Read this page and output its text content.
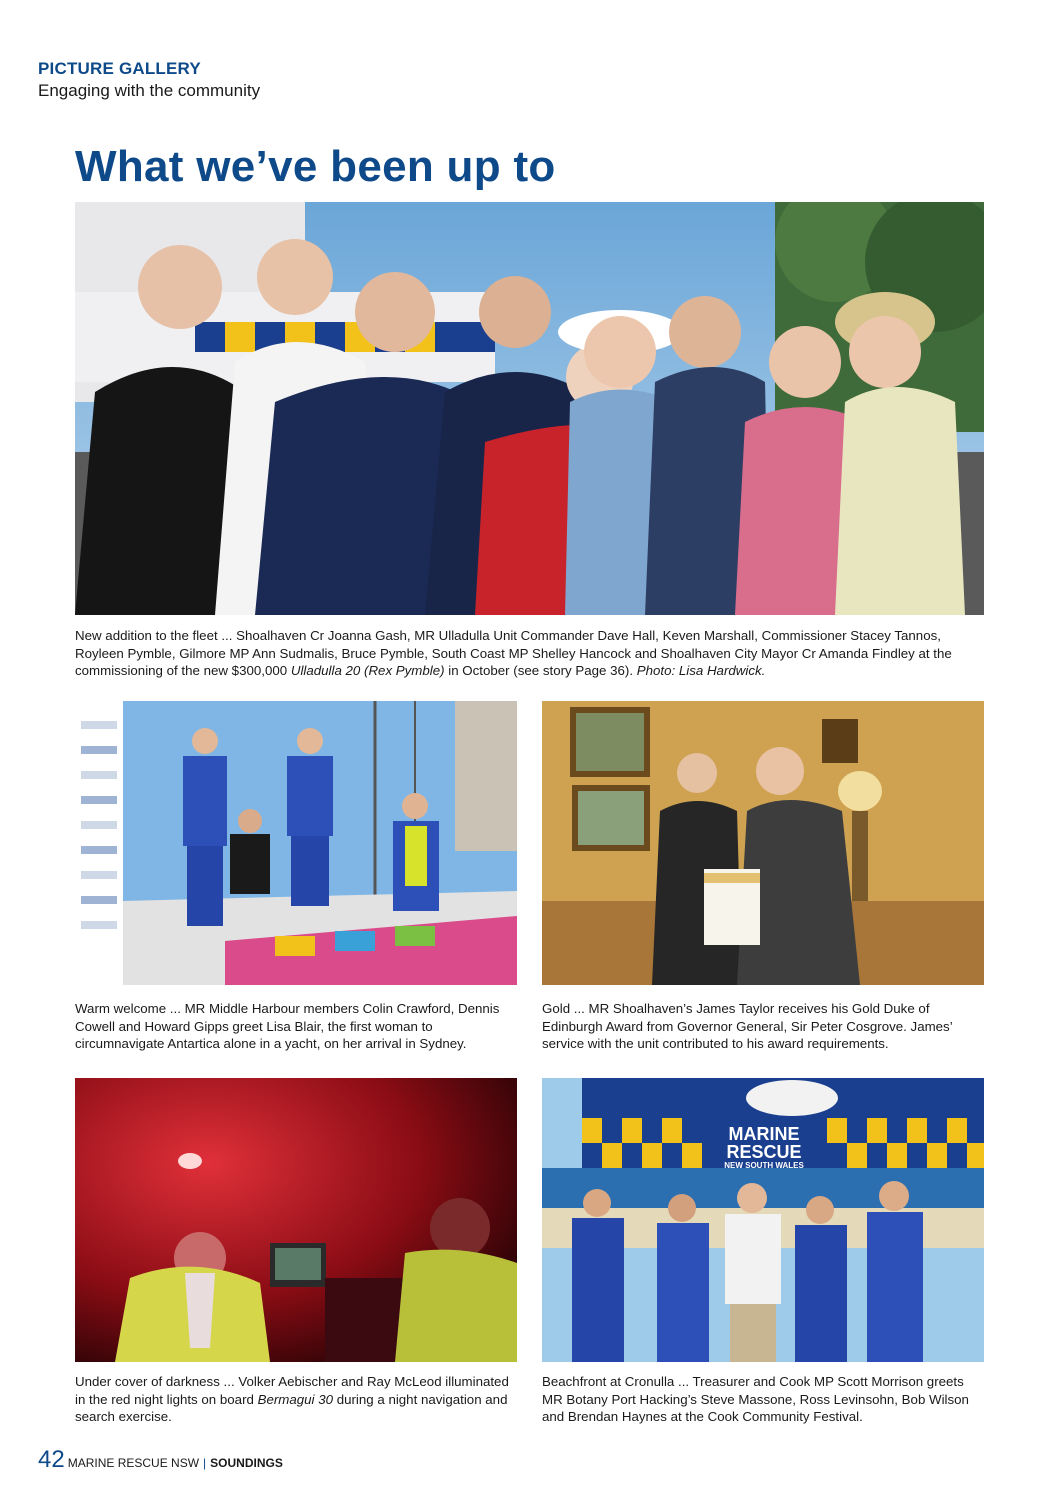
PICTURE GALLERY
Engaging with the community
What we’ve been up to
New addition to the fleet ... Shoalhaven Cr Joanna Gash, MR Ulladulla Unit Commander Dave Hall, Keven Marshall, Commissioner Stacey Tannos, Royleen Pymble, Gilmore MP Ann Sudmalis, Bruce Pymble, South Coast MP Shelley Hancock and Shoalhaven City Mayor Cr Amanda Findley at the commissioning of the new $300,000 Ulladulla 20 (Rex Pymble) in October (see story Page 36). Photo: Lisa Hardwick.
Warm welcome ... MR Middle Harbour members Colin Crawford, Dennis Cowell and Howard Gipps greet Lisa Blair, the first woman to circumnavigate Antartica alone in a yacht, on her arrival in Sydney.
Gold ... MR Shoalhaven’s James Taylor receives his Gold Duke of Edinburgh Award from Governor General, Sir Peter Cosgrove. James’ service with the unit contributed to his award requirements.
Under cover of darkness ... Volker Aebischer and Ray McLeod illuminated in the red night lights on board Bermagui 30 during a night navigation and search exercise.
MARINE
RESCUE
NEW SOUTH WALES
Beachfront at Cronulla ... Treasurer and Cook MP Scott Morrison greets MR Botany Port Hacking’s Steve Massone, Ross Levinsohn, Bob Wilson and Brendan Haynes at the Cook Community Festival.
42 MARINE RESCUE NSW | SOUNDINGS
